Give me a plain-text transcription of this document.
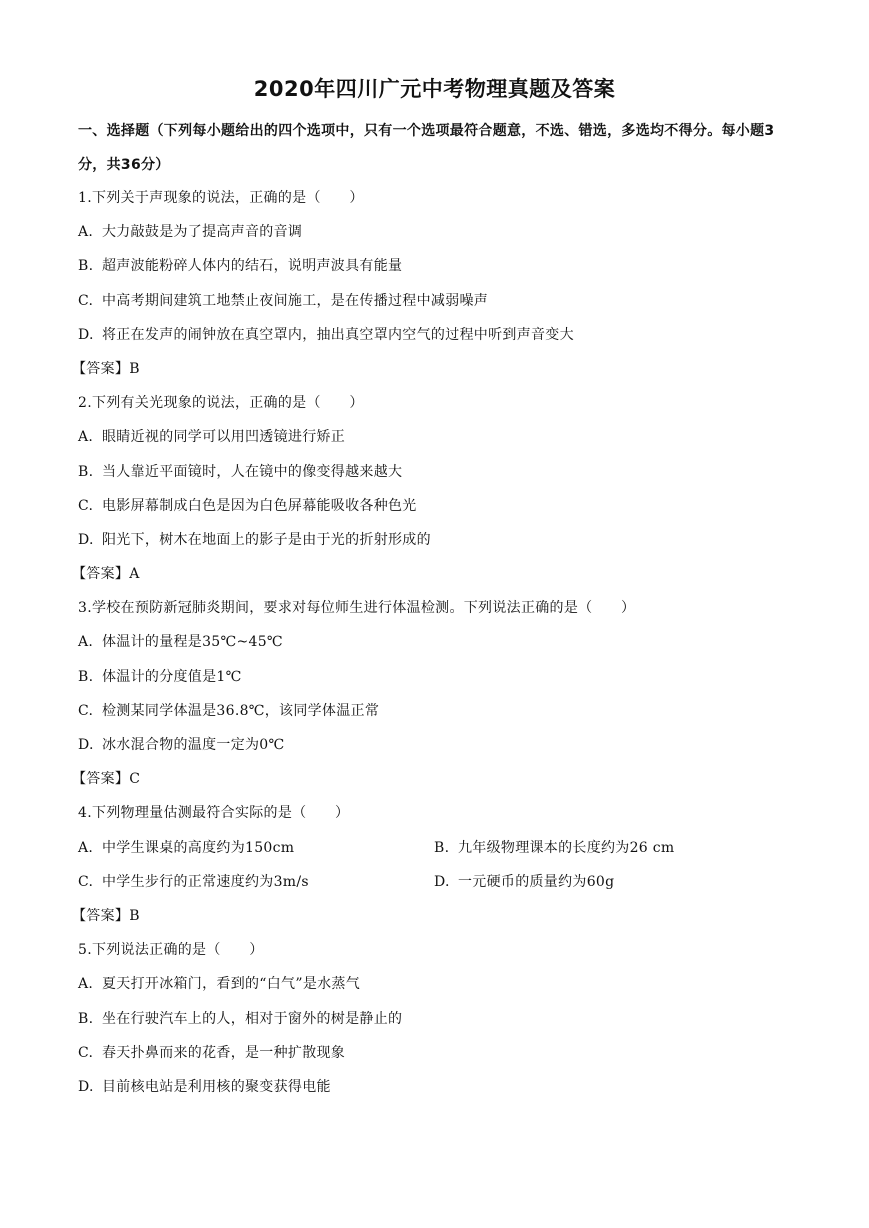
2020年四川广元中考物理真题及答案
一、选择题（下列每小题给出的四个选项中，只有一个选项最符合题意，不选、错选，多选均不得分。每小题3分，共36分）
1.下列关于声现象的说法，正确的是（　　）
A. 大力敲鼓是为了提高声音的音调
B. 超声波能粉碎人体内的结石，说明声波具有能量
C. 中高考期间建筑工地禁止夜间施工，是在传播过程中减弱噪声
D. 将正在发声的闹钟放在真空罩内，抽出真空罩内空气的过程中听到声音变大
【答案】B
2.下列有关光现象的说法，正确的是（　　）
A. 眼睛近视的同学可以用凹透镜进行矫正
B. 当人靠近平面镜时，人在镜中的像变得越来越大
C. 电影屏幕制成白色是因为白色屏幕能吸收各种色光
D. 阳光下，树木在地面上的影子是由于光的折射形成的
【答案】A
3.学校在预防新冠肺炎期间，要求对每位师生进行体温检测。下列说法正确的是（　　）
A. 体温计的量程是35℃~45℃
B. 体温计的分度值是1℃
C. 检测某同学体温是36.8℃，该同学体温正常
D. 冰水混合物的温度一定为0℃
【答案】C
4.下列物理量估测最符合实际的是（　　）
A. 中学生课桌的高度约为150cm	B. 九年级物理课本的长度约为26 cm
C. 中学生步行的正常速度约为3m/s	D. 一元硬币的质量约为60g
【答案】B
5.下列说法正确的是（　　）
A. 夏天打开冰箱门，看到的“白气”是水蒸气
B. 坐在行驶汽车上的人，相对于窗外的树是静止的
C. 春天扑鼻而来的花香，是一种扩散现象
D. 目前核电站是利用核的聚变获得电能
